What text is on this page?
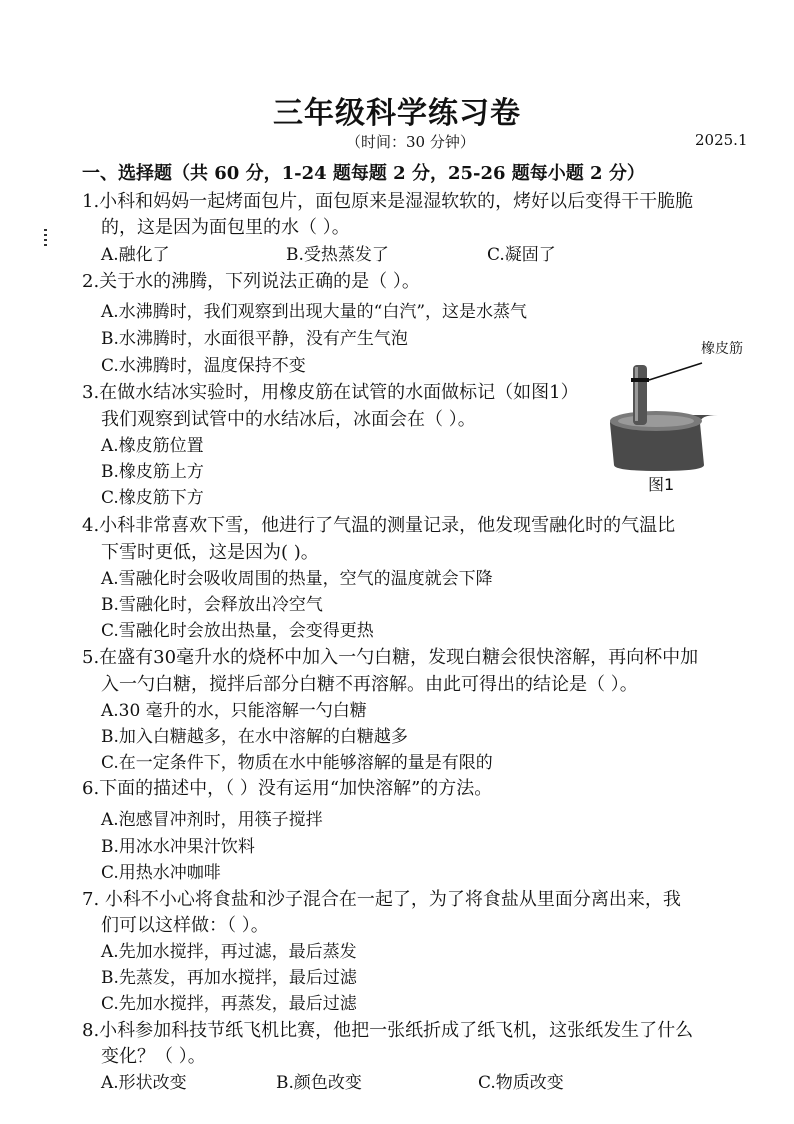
三年级科学练习卷
（时间：30 分钟）	2025.1
一、选择题（共 60 分，1-24 题每题 2 分，25-26 题每小题 2 分）
1.小科和妈妈一起烤面包片，面包原来是湿湿软软的，烤好以后变得干干脆脆
的，这是因为面包里的水（ ）。
A.融化了	B.受热蒸发了	C.凝固了
2.关于水的沸腾，下列说法正确的是（ ）。
A.水沸腾时，我们观察到出现大量的“白汽”，这是水蒸气
B.水沸腾时，水面很平静，没有产生气泡
C.水沸腾时，温度保持不变
3.在做水结冰实验时，用橡皮筋在试管的水面做标记（如图1）
我们观察到试管中的水结冰后，冰面会在（ ）。
A.橡皮筋位置
B.橡皮筋上方
C.橡皮筋下方
橡皮筋
图1
4.小科非常喜欢下雪，他进行了气温的测量记录，他发现雪融化时的气温比
下雪时更低，这是因为( )。
A.雪融化时会吸收周围的热量，空气的温度就会下降
B.雪融化时，会释放出冷空气
C.雪融化时会放出热量，会变得更热
5.在盛有30毫升水的烧杯中加入一勺白糖，发现白糖会很快溶解，再向杯中加
入一勺白糖，搅拌后部分白糖不再溶解。由此可得出的结论是（ ）。
A.30 毫升的水，只能溶解一勺白糖
B.加入白糖越多，在水中溶解的白糖越多
C.在一定条件下，物质在水中能够溶解的量是有限的
6.下面的描述中，（ ）没有运用“加快溶解”的方法。
A.泡感冒冲剂时，用筷子搅拌
B.用冰水冲果汁饮料
C.用热水冲咖啡
7. 小科不小心将食盐和沙子混合在一起了，为了将食盐从里面分离出来，我
们可以这样做：（ ）。
A.先加水搅拌，再过滤，最后蒸发
B.先蒸发，再加水搅拌，最后过滤
C.先加水搅拌，再蒸发，最后过滤
8.小科参加科技节纸飞机比赛，他把一张纸折成了纸飞机，这张纸发生了什么
变化？（ ）。
A.形状改变	B.颜色改变	C.物质改变
